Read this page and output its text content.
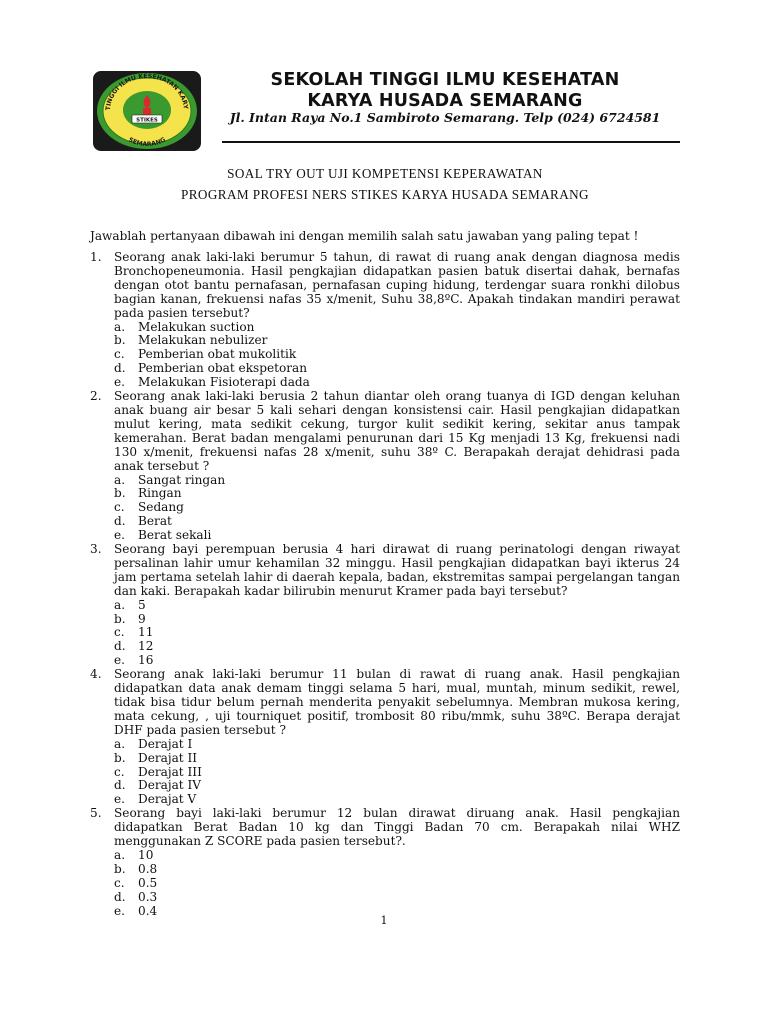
TINGGI ILMU KESEHATAN KARY
SEMARANG
STIKES
SEKOLAH TINGGI ILMU KESEHATAN
KARYA HUSADA SEMARANG
Jl. Intan Raya No.1 Sambiroto Semarang. Telp (024) 6724581
SOAL TRY OUT UJI KOMPETENSI KEPERAWATAN
PROGRAM PROFESI NERS STIKES KARYA HUSADA SEMARANG
Jawablah pertanyaan dibawah ini dengan memilih salah satu jawaban yang paling tepat !
1.	Seorang anak laki-laki berumur 5 tahun, di rawat di ruang anak dengan diagnosa medis Bronchopeneumonia. Hasil pengkajian didapatkan pasien batuk disertai dahak, bernafas dengan otot bantu pernafasan, pernafasan cuping hidung, terdengar suara ronkhi dilobus bagian kanan, frekuensi nafas 35 x/menit, Suhu 38,8ºC. Apakah tindakan mandiri perawat pada pasien tersebut?
a.	Melakukan suction
b.	Melakukan nebulizer
c.	Pemberian obat mukolitik
d.	Pemberian obat ekspetoran
e.	Melakukan Fisioterapi dada
2.	Seorang anak laki-laki berusia 2 tahun diantar oleh orang tuanya di IGD dengan keluhan anak buang air besar 5 kali sehari dengan konsistensi cair. Hasil pengkajian didapatkan mulut kering, mata sedikit cekung, turgor kulit sedikit kering, sekitar anus tampak kemerahan. Berat badan mengalami penurunan dari 15 Kg menjadi 13 Kg, frekuensi nadi 130 x/menit, frekuensi nafas 28 x/menit, suhu 38º C. Berapakah derajat dehidrasi pada anak tersebut ?
a.	Sangat ringan
b.	Ringan
c.	Sedang
d.	Berat
e.	Berat sekali
3.	Seorang bayi perempuan berusia 4 hari dirawat di ruang perinatologi dengan riwayat persalinan lahir umur kehamilan 32 minggu. Hasil pengkajian didapatkan bayi ikterus 24 jam pertama setelah lahir di daerah kepala, badan, ekstremitas sampai pergelangan tangan dan kaki. Berapakah kadar bilirubin menurut Kramer pada bayi tersebut?
a.	5
b.	9
c.	11
d.	12
e.	16
4.	Seorang anak laki-laki berumur 11 bulan di rawat di ruang anak. Hasil pengkajian didapatkan data anak demam tinggi selama 5 hari, mual, muntah, minum sedikit, rewel, tidak bisa tidur belum pernah menderita penyakit sebelumnya. Membran mukosa kering, mata cekung, , uji tourniquet positif, trombosit 80 ribu/mmk, suhu 38ºC. Berapa derajat DHF pada pasien tersebut ?
a.	Derajat I
b.	Derajat II
c.	Derajat III
d.	Derajat IV
e.	Derajat V
5.	Seorang bayi laki-laki berumur 12 bulan dirawat diruang anak. Hasil pengkajian didapatkan Berat Badan 10 kg dan Tinggi Badan 70 cm. Berapakah nilai WHZ menggunakan Z SCORE pada pasien tersebut?.
a.	10
b.	0.8
c.	0.5
d.	0.3
e.	0.4
1
